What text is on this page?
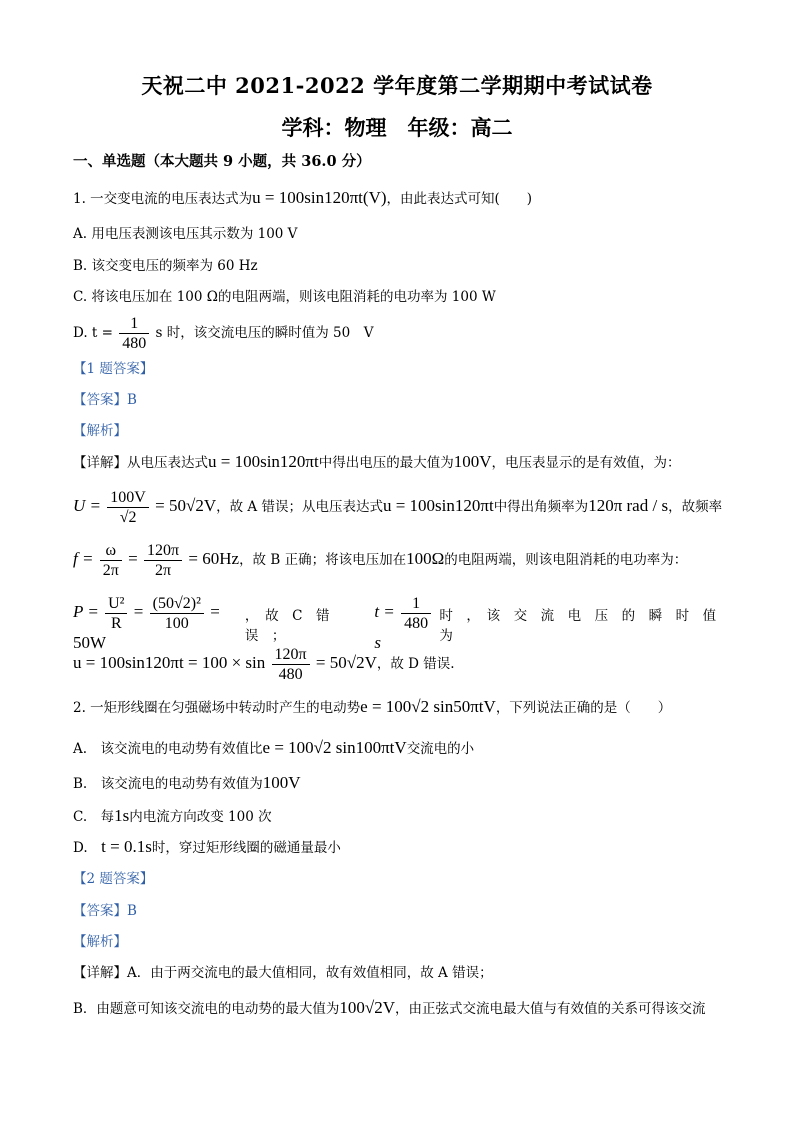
天祝二中 2021-2022 学年度第二学期期中考试试卷
学科：物理　年级：高二
一、单选题（本大题共 9 小题，共 36.0 分）
1. 一交变电流的电压表达式为u = 100sin120πt(V)，由此表达式可知(　　)
A. 用电压表测该电压其示数为 100 V
B. 该交变电压的频率为 60 Hz
C. 将该电压加在 100 Ω的电阻两端，则该电阻消耗的电功率为 100 W
D. $t = \frac{1}{480}$ s 时，该交流电压的瞬时值为 50　V
【1 题答案】
【答案】B
【解析】
【详解】从电压表达式u = 100sin120πt中得出电压的最大值为100V，电压表显示的是有效值，为：
$U = \frac{100V}{√2} = 50√2V$，故 A 错误；从电压表达式u = 100sin120πt中得出角频率为120π rad / s，故频率
$f = \frac{\omega}{2\pi} = \frac{120\pi}{2\pi} = 60Hz$，故 B 正确；将该电压加在100Ω的电阻两端，则该电阻消耗的电功率为：
$P = \frac{\text{U²}}{R} = \frac{\text{(50√2)²}}{100} = 50W$
，　故　C　错　误　；
$t = \frac{1}{480}$
s
时　，　该　交　流　电　压　的　瞬　时　值　为
$u = 100\sin 120\pi t = 100 \times \sin \frac{120\pi}{480} = 50√2V$，故 D 错误.
2. 一矩形线圈在匀强磁场中转动时产生的电动势e = 100√2 sin50πtV，下列说法正确的是（　　）
A.　该交流电的电动势有效值比e = 100√2 sin100πtV交流电的小
B.　该交流电的电动势有效值为100V
C.　每1s内电流方向改变 100 次
D.　t = 0.1s时，穿过矩形线圈的磁通量最小
【2 题答案】
【答案】B
【解析】
【详解】A．由于两交流电的最大值相同，故有效值相同，故 A 错误；
B．由题意可知该交流电的电动势的最大值为100√2V，由正弦式交流电最大值与有效值的关系可得该交流
